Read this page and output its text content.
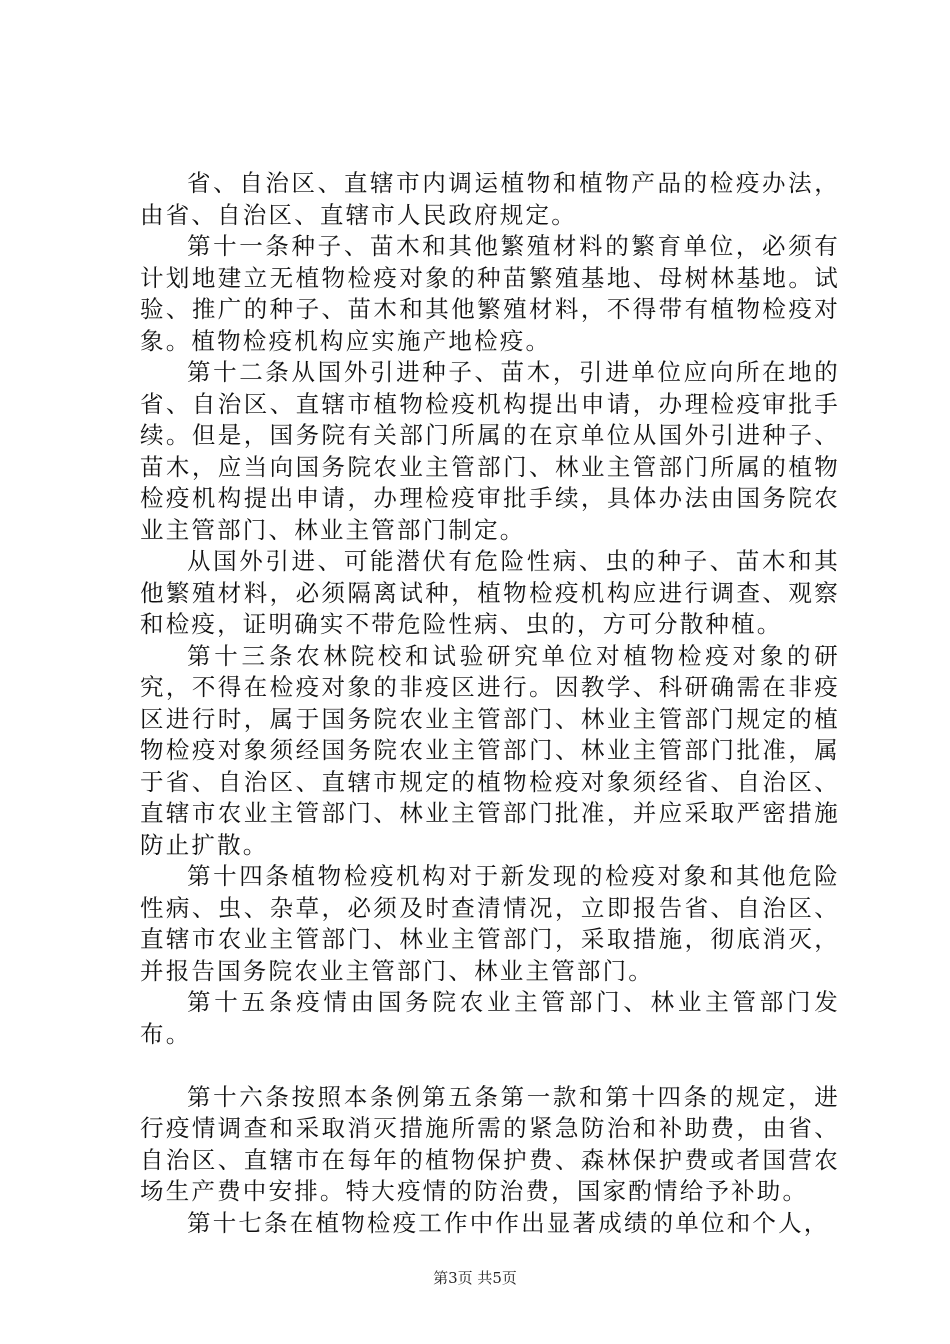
省、自治区、直辖市内调运植物和植物产品的检疫办法，由省、自治区、直辖市人民政府规定。

第十一条种子、苗木和其他繁殖材料的繁育单位，必须有计划地建立无植物检疫对象的种苗繁殖基地、母树林基地。试验、推广的种子、苗木和其他繁殖材料，不得带有植物检疫对象。植物检疫机构应实施产地检疫。

第十二条从国外引进种子、苗木，引进单位应向所在地的省、自治区、直辖市植物检疫机构提出申请，办理检疫审批手续。但是，国务院有关部门所属的在京单位从国外引进种子、苗木，应当向国务院农业主管部门、林业主管部门所属的植物检疫机构提出申请，办理检疫审批手续，具体办法由国务院农业主管部门、林业主管部门制定。

从国外引进、可能潜伏有危险性病、虫的种子、苗木和其他繁殖材料，必须隔离试种，植物检疫机构应进行调查、观察和检疫，证明确实不带危险性病、虫的，方可分散种植。

第十三条农林院校和试验研究单位对植物检疫对象的研究，不得在检疫对象的非疫区进行。因教学、科研确需在非疫区进行时，属于国务院农业主管部门、林业主管部门规定的植物检疫对象须经国务院农业主管部门、林业主管部门批准，属于省、自治区、直辖市规定的植物检疫对象须经省、自治区、直辖市农业主管部门、林业主管部门批准，并应采取严密措施防止扩散。

第十四条植物检疫机构对于新发现的检疫对象和其他危险性病、虫、杂草，必须及时查清情况，立即报告省、自治区、直辖市农业主管部门、林业主管部门，采取措施，彻底消灭，并报告国务院农业主管部门、林业主管部门。

第十五条疫情由国务院农业主管部门、林业主管部门发布。

第十六条按照本条例第五条第一款和第十四条的规定，进行疫情调查和采取消灭措施所需的紧急防治和补助费，由省、自治区、直辖市在每年的植物保护费、森林保护费或者国营农场生产费中安排。特大疫情的防治费，国家酌情给予补助。

第十七条在植物检疫工作中作出显著成绩的单位和个人，

第3页 共5页
